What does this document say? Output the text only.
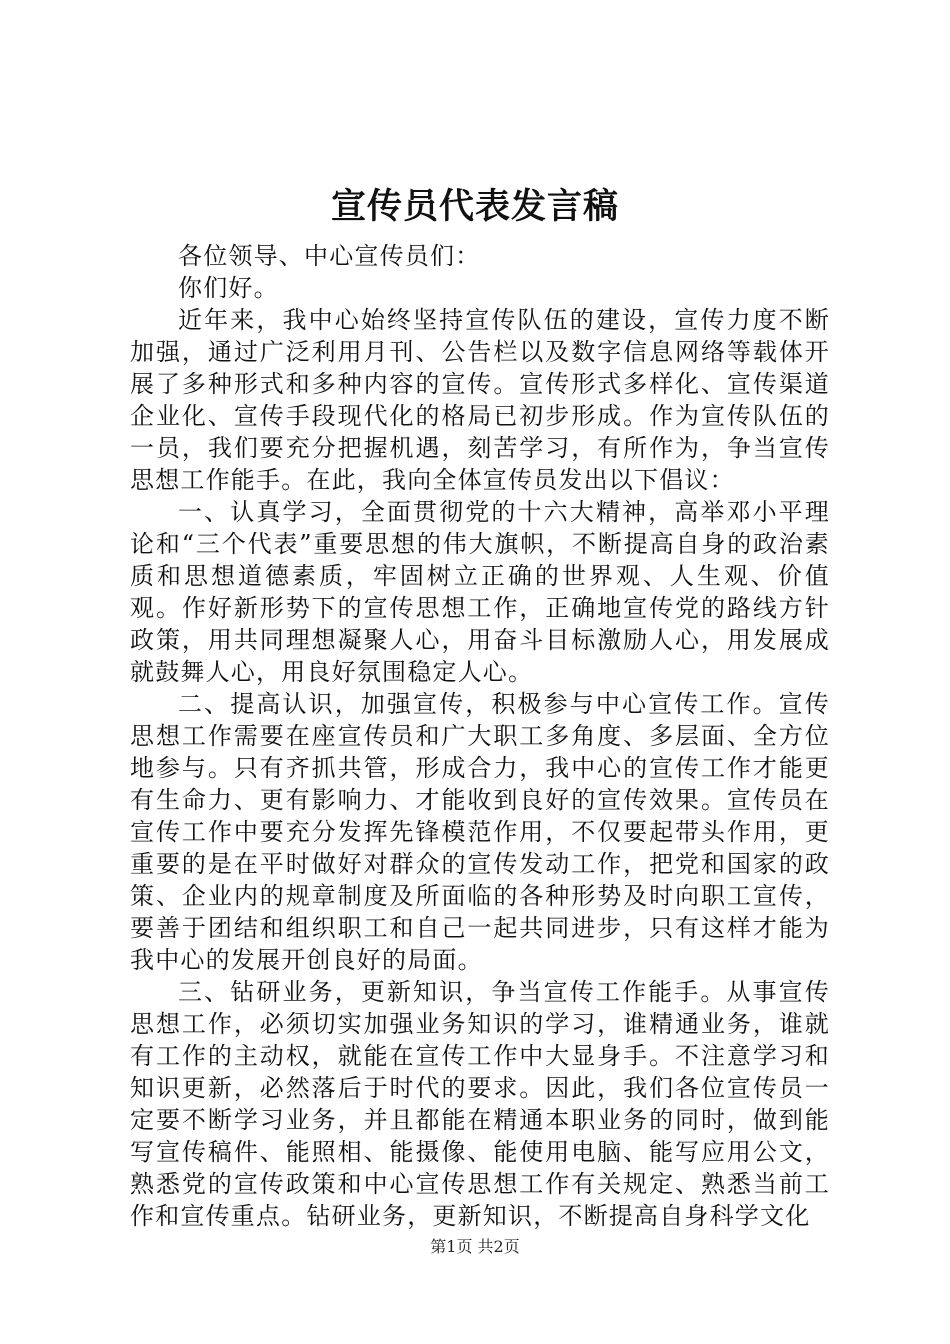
宣传员代表发言稿

各位领导、中心宣传员们：

你们好。

近年来，我中心始终坚持宣传队伍的建设，宣传力度不断加强，通过广泛利用月刊、公告栏以及数字信息网络等载体开展了多种形式和多种内容的宣传。宣传形式多样化、宣传渠道企业化、宣传手段现代化的格局已初步形成。作为宣传队伍的一员，我们要充分把握机遇，刻苦学习，有所作为，争当宣传思想工作能手。在此，我向全体宣传员发出以下倡议：

一、认真学习，全面贯彻党的十六大精神，高举邓小平理论和“三个代表”重要思想的伟大旗帜，不断提高自身的政治素质和思想道德素质，牢固树立正确的世界观、人生观、价值观。作好新形势下的宣传思想工作，正确地宣传党的路线方针政策，用共同理想凝聚人心，用奋斗目标激励人心，用发展成就鼓舞人心，用良好氛围稳定人心。

二、提高认识，加强宣传，积极参与中心宣传工作。宣传思想工作需要在座宣传员和广大职工多角度、多层面、全方位地参与。只有齐抓共管，形成合力，我中心的宣传工作才能更有生命力、更有影响力、才能收到良好的宣传效果。宣传员在宣传工作中要充分发挥先锋模范作用，不仅要起带头作用，更重要的是在平时做好对群众的宣传发动工作，把党和国家的政策、企业内的规章制度及所面临的各种形势及时向职工宣传，要善于团结和组织职工和自己一起共同进步，只有这样才能为我中心的发展开创良好的局面。

三、钻研业务，更新知识，争当宣传工作能手。从事宣传思想工作，必须切实加强业务知识的学习，谁精通业务，谁就有工作的主动权，就能在宣传工作中大显身手。不注意学习和知识更新，必然落后于时代的要求。因此，我们各位宣传员一定要不断学习业务，并且都能在精通本职业务的同时，做到能写宣传稿件、能照相、能摄像、能使用电脑、能写应用公文，熟悉党的宣传政策和中心宣传思想工作有关规定、熟悉当前工作和宣传重点。钻研业务，更新知识，不断提高自身科学文化

第1页 共2页
